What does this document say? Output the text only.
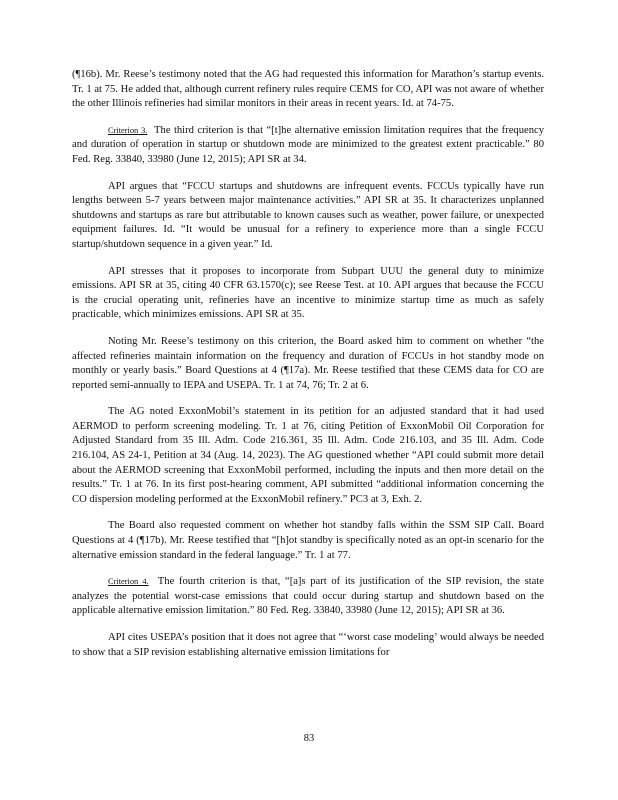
(¶16b). Mr. Reese’s testimony noted that the AG had requested this information for Marathon’s startup events. Tr. 1 at 75. He added that, although current refinery rules require CEMS for CO, API was not aware of whether the other Illinois refineries had similar monitors in their areas in recent years. Id. at 74-75.

Criterion 3. The third criterion is that “[t]he alternative emission limitation requires that the frequency and duration of operation in startup or shutdown mode are minimized to the greatest extent practicable.” 80 Fed. Reg. 33840, 33980 (June 12, 2015); API SR at 34.

API argues that “FCCU startups and shutdowns are infrequent events. FCCUs typically have run lengths between 5-7 years between major maintenance activities.” API SR at 35. It characterizes unplanned shutdowns and startups as rare but attributable to known causes such as weather, power failure, or unexpected equipment failures. Id. “It would be unusual for a refinery to experience more than a single FCCU startup/shutdown sequence in a given year.” Id.

API stresses that it proposes to incorporate from Subpart UUU the general duty to minimize emissions. API SR at 35, citing 40 CFR 63.1570(c); see Reese Test. at 10. API argues that because the FCCU is the crucial operating unit, refineries have an incentive to minimize startup time as much as safely practicable, which minimizes emissions. API SR at 35.

Noting Mr. Reese’s testimony on this criterion, the Board asked him to comment on whether “the affected refineries maintain information on the frequency and duration of FCCUs in hot standby mode on monthly or yearly basis.” Board Questions at 4 (¶17a). Mr. Reese testified that these CEMS data for CO are reported semi-annually to IEPA and USEPA. Tr. 1 at 74, 76; Tr. 2 at 6.

The AG noted ExxonMobil’s statement in its petition for an adjusted standard that it had used AERMOD to perform screening modeling. Tr. 1 at 76, citing Petition of ExxonMobil Oil Corporation for Adjusted Standard from 35 Ill. Adm. Code 216.361, 35 Ill. Adm. Code 216.103, and 35 Ill. Adm. Code 216.104, AS 24-1, Petition at 34 (Aug. 14, 2023). The AG questioned whether “API could submit more detail about the AERMOD screening that ExxonMobil performed, including the inputs and then more detail on the results.” Tr. 1 at 76. In its first post-hearing comment, API submitted “additional information concerning the CO dispersion modeling performed at the ExxonMobil refinery.” PC3 at 3, Exh. 2.

The Board also requested comment on whether hot standby falls within the SSM SIP Call. Board Questions at 4 (¶17b). Mr. Reese testified that “[h]ot standby is specifically noted as an opt-in scenario for the alternative emission standard in the federal language.” Tr. 1 at 77.

Criterion 4. The fourth criterion is that, “[a]s part of its justification of the SIP revision, the state analyzes the potential worst-case emissions that could occur during startup and shutdown based on the applicable alternative emission limitation.” 80 Fed. Reg. 33840, 33980 (June 12, 2015); API SR at 36.

API cites USEPA’s position that it does not agree that “‘worst case modeling’ would always be needed to show that a SIP revision establishing alternative emission limitations for

83
